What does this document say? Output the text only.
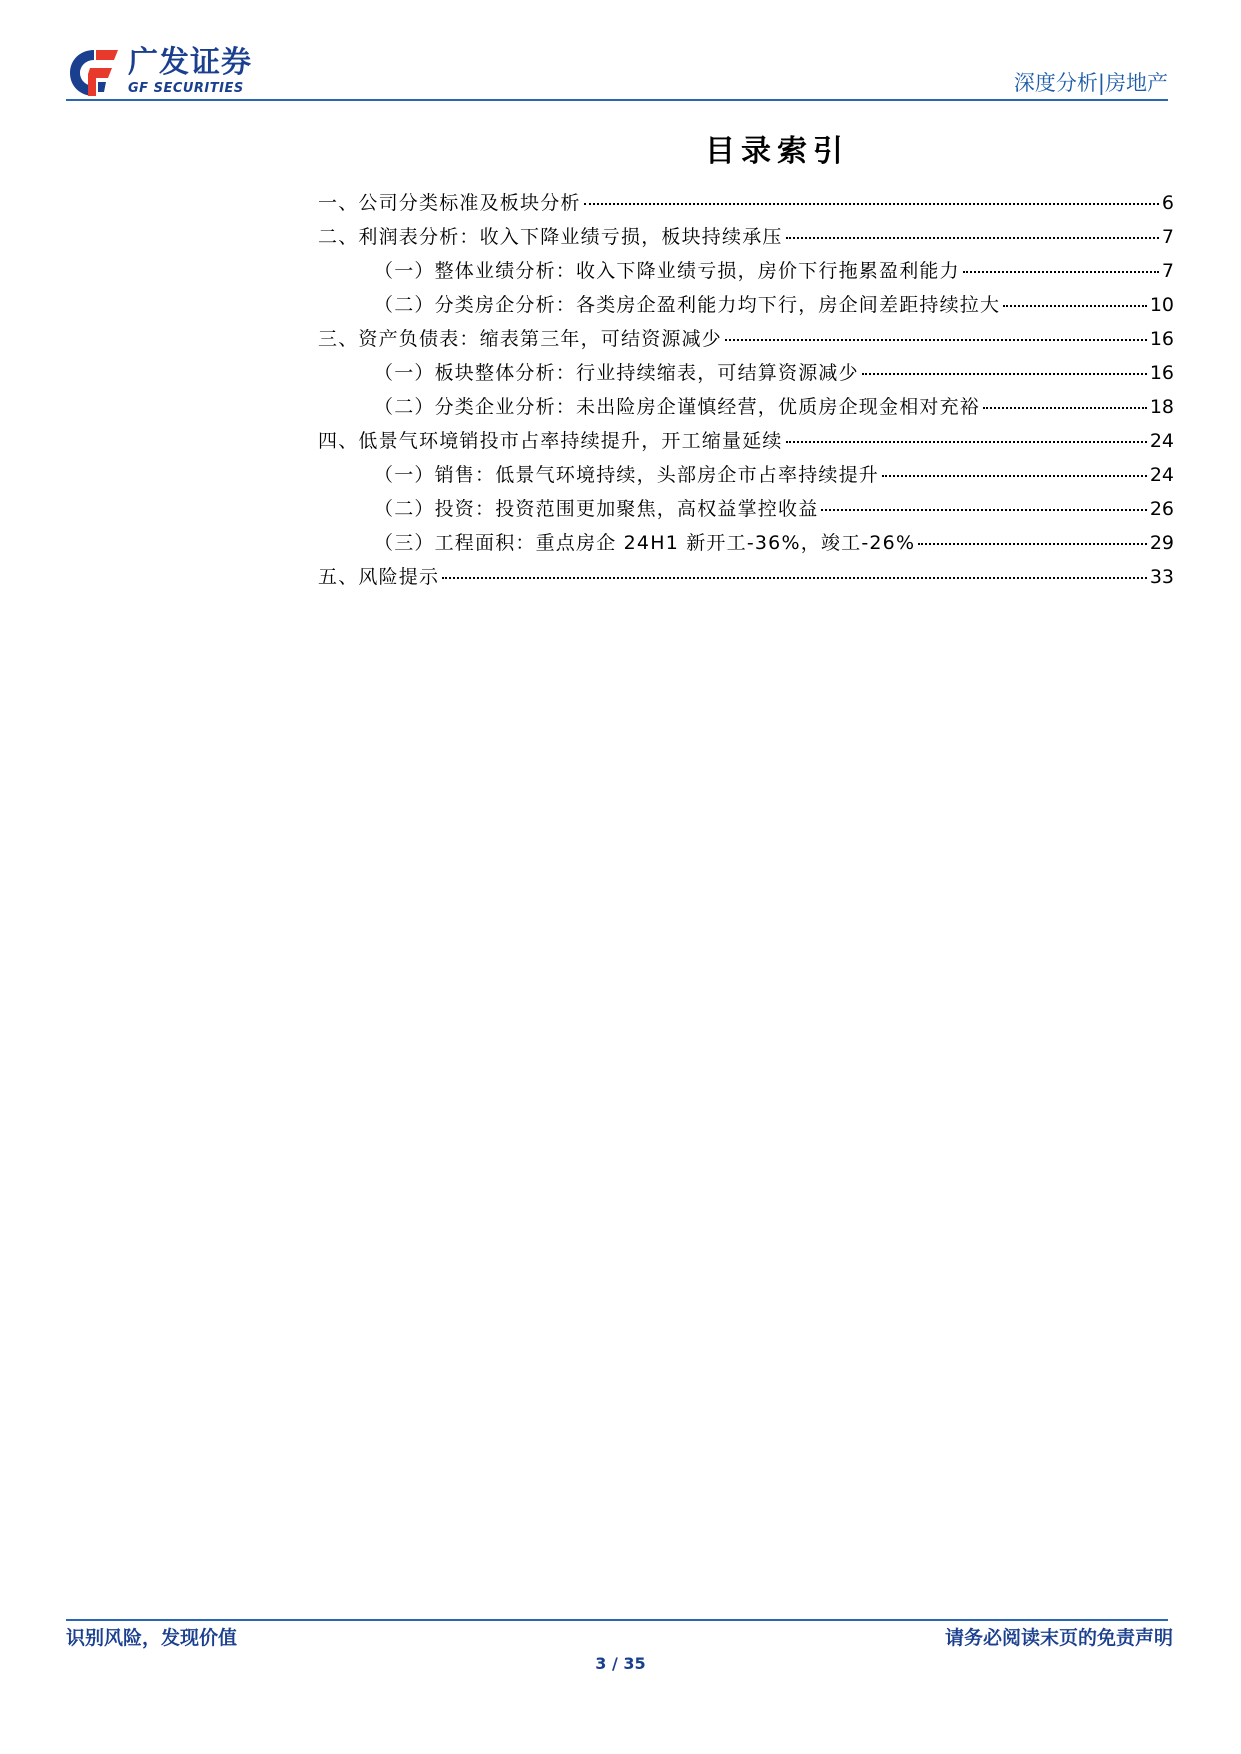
广发证券
GF SECURITIES	深度分析|房地产
目录索引
一、公司分类标准及板块分析	6
二、利润表分析：收入下降业绩亏损，板块持续承压	7
（一）整体业绩分析：收入下降业绩亏损，房价下行拖累盈利能力	7
（二）分类房企分析：各类房企盈利能力均下行，房企间差距持续拉大	10
三、资产负债表：缩表第三年，可结资源减少	16
（一）板块整体分析：行业持续缩表，可结算资源减少	16
（二）分类企业分析：未出险房企谨慎经营，优质房企现金相对充裕	18
四、低景气环境销投市占率持续提升，开工缩量延续	24
（一）销售：低景气环境持续，头部房企市占率持续提升	24
（二）投资：投资范围更加聚焦，高权益掌控收益	26
（三）工程面积：重点房企 24H1 新开工-36%，竣工-26%	29
五、风险提示	33
识别风险，发现价值	请务必阅读末页的免责声明
3 / 35
